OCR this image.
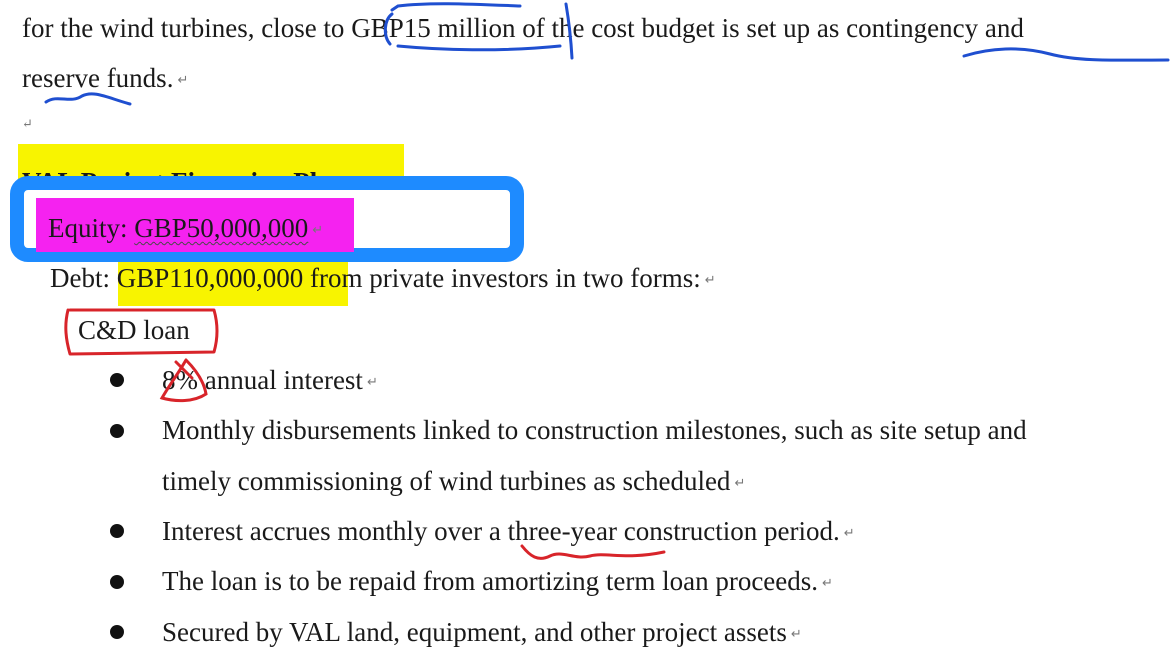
for the wind turbines, close to GBP15 million of the cost budget is set up as contingency and
reserve funds. ↵
↵
Debt: GBP110,000,000 from private investors in two forms: ↵
Equity: GBP50,000,000 ↵
C&D loan
8% annual interest ↵
Monthly disbursements linked to construction milestones, such as site setup and
timely commissioning of wind turbines as scheduled ↵
Interest accrues monthly over a three-year construction period. ↵
The loan is to be repaid from amortizing term loan proceeds. ↵
Secured by VAL land, equipment, and other project assets ↵
